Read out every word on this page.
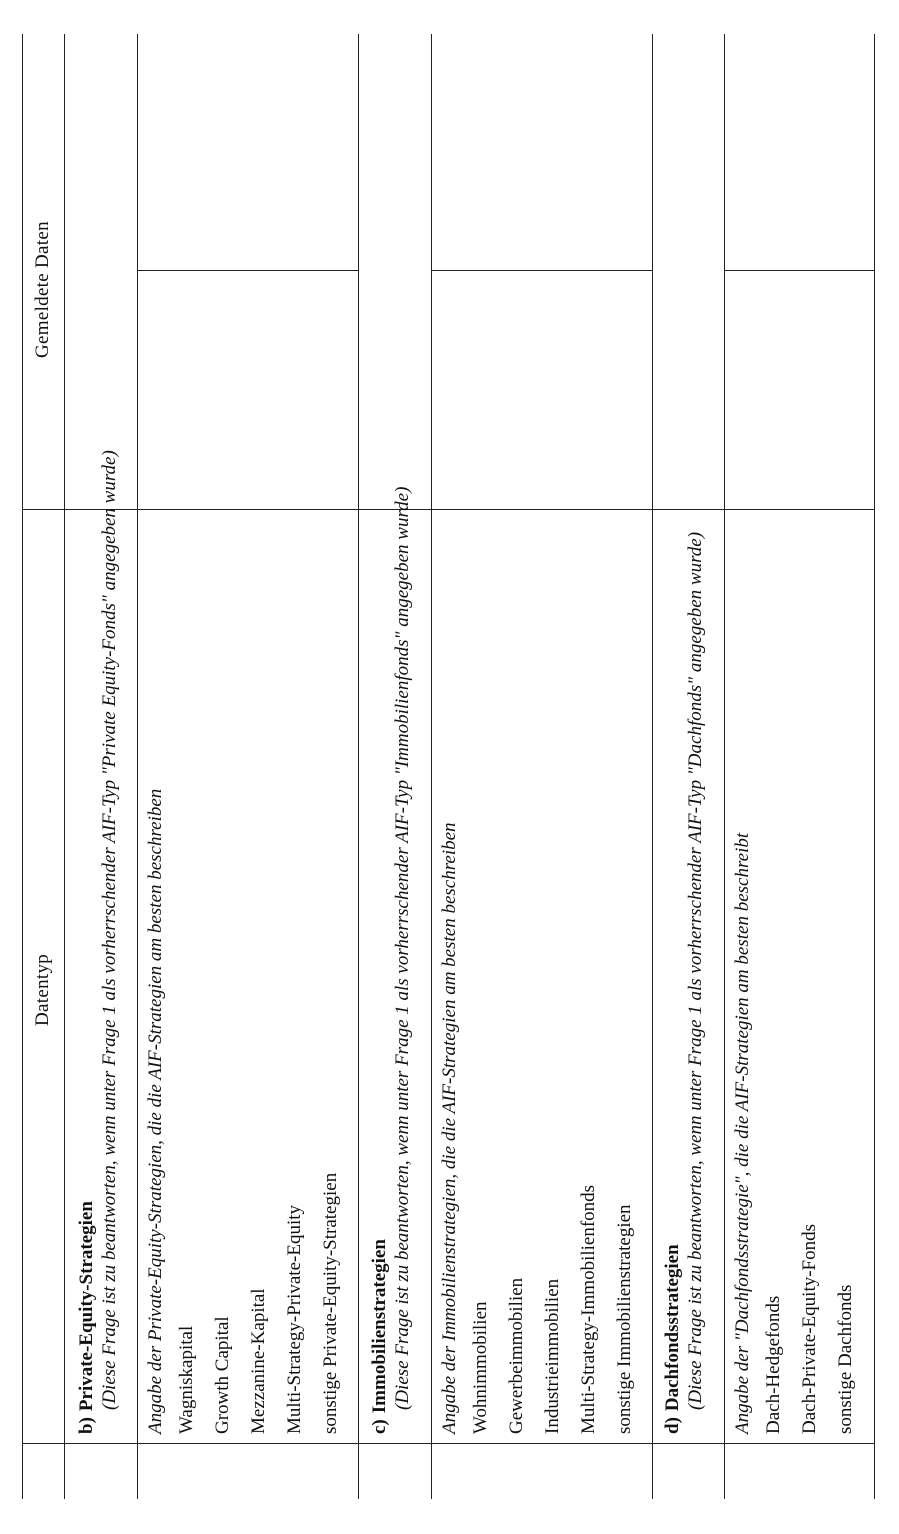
Datentyp
Gemeldete Daten
b)Private-Equity-Strategien (Diese Frage ist zu beantworten, wenn unter Frage 1 als vorherrschender AIF-Typ "Private Equity-Fonds" angegeben wurde) Angabe der Private-Equity-Strategien, die die AIF-Strategien am besten beschreiben Wagniskapital Growth Capital Mezzanine-Kapital Multi-Strategy-Private-Equity sonstige Private-Equity-Strategien	c)Immobilienstrategien (Diese Frage ist zu beantworten, wenn unter Frage 1 als vorherrschender AIF-Typ "Immobilienfonds" angegeben wurde) Angabe der Immobilienstrategien, die die AIF-Strategien am besten beschreiben Wohnimmobilien Gewerbeimmobilien Industrieimmobilien Multi-Strategy-Immobilienfonds sonstige Immobilienstrategien	d)Dachfondsstrategien (Diese Frage ist zu beantworten, wenn unter Frage 1 als vorherrschender AIF-Typ "Dachfonds" angegeben wurde) Angabe der "Dachfondsstrategie", die die AIF-Strategien am besten beschreibt Dach-Hedgefonds Dach-Private-Equity-Fonds sonstige Dachfonds
